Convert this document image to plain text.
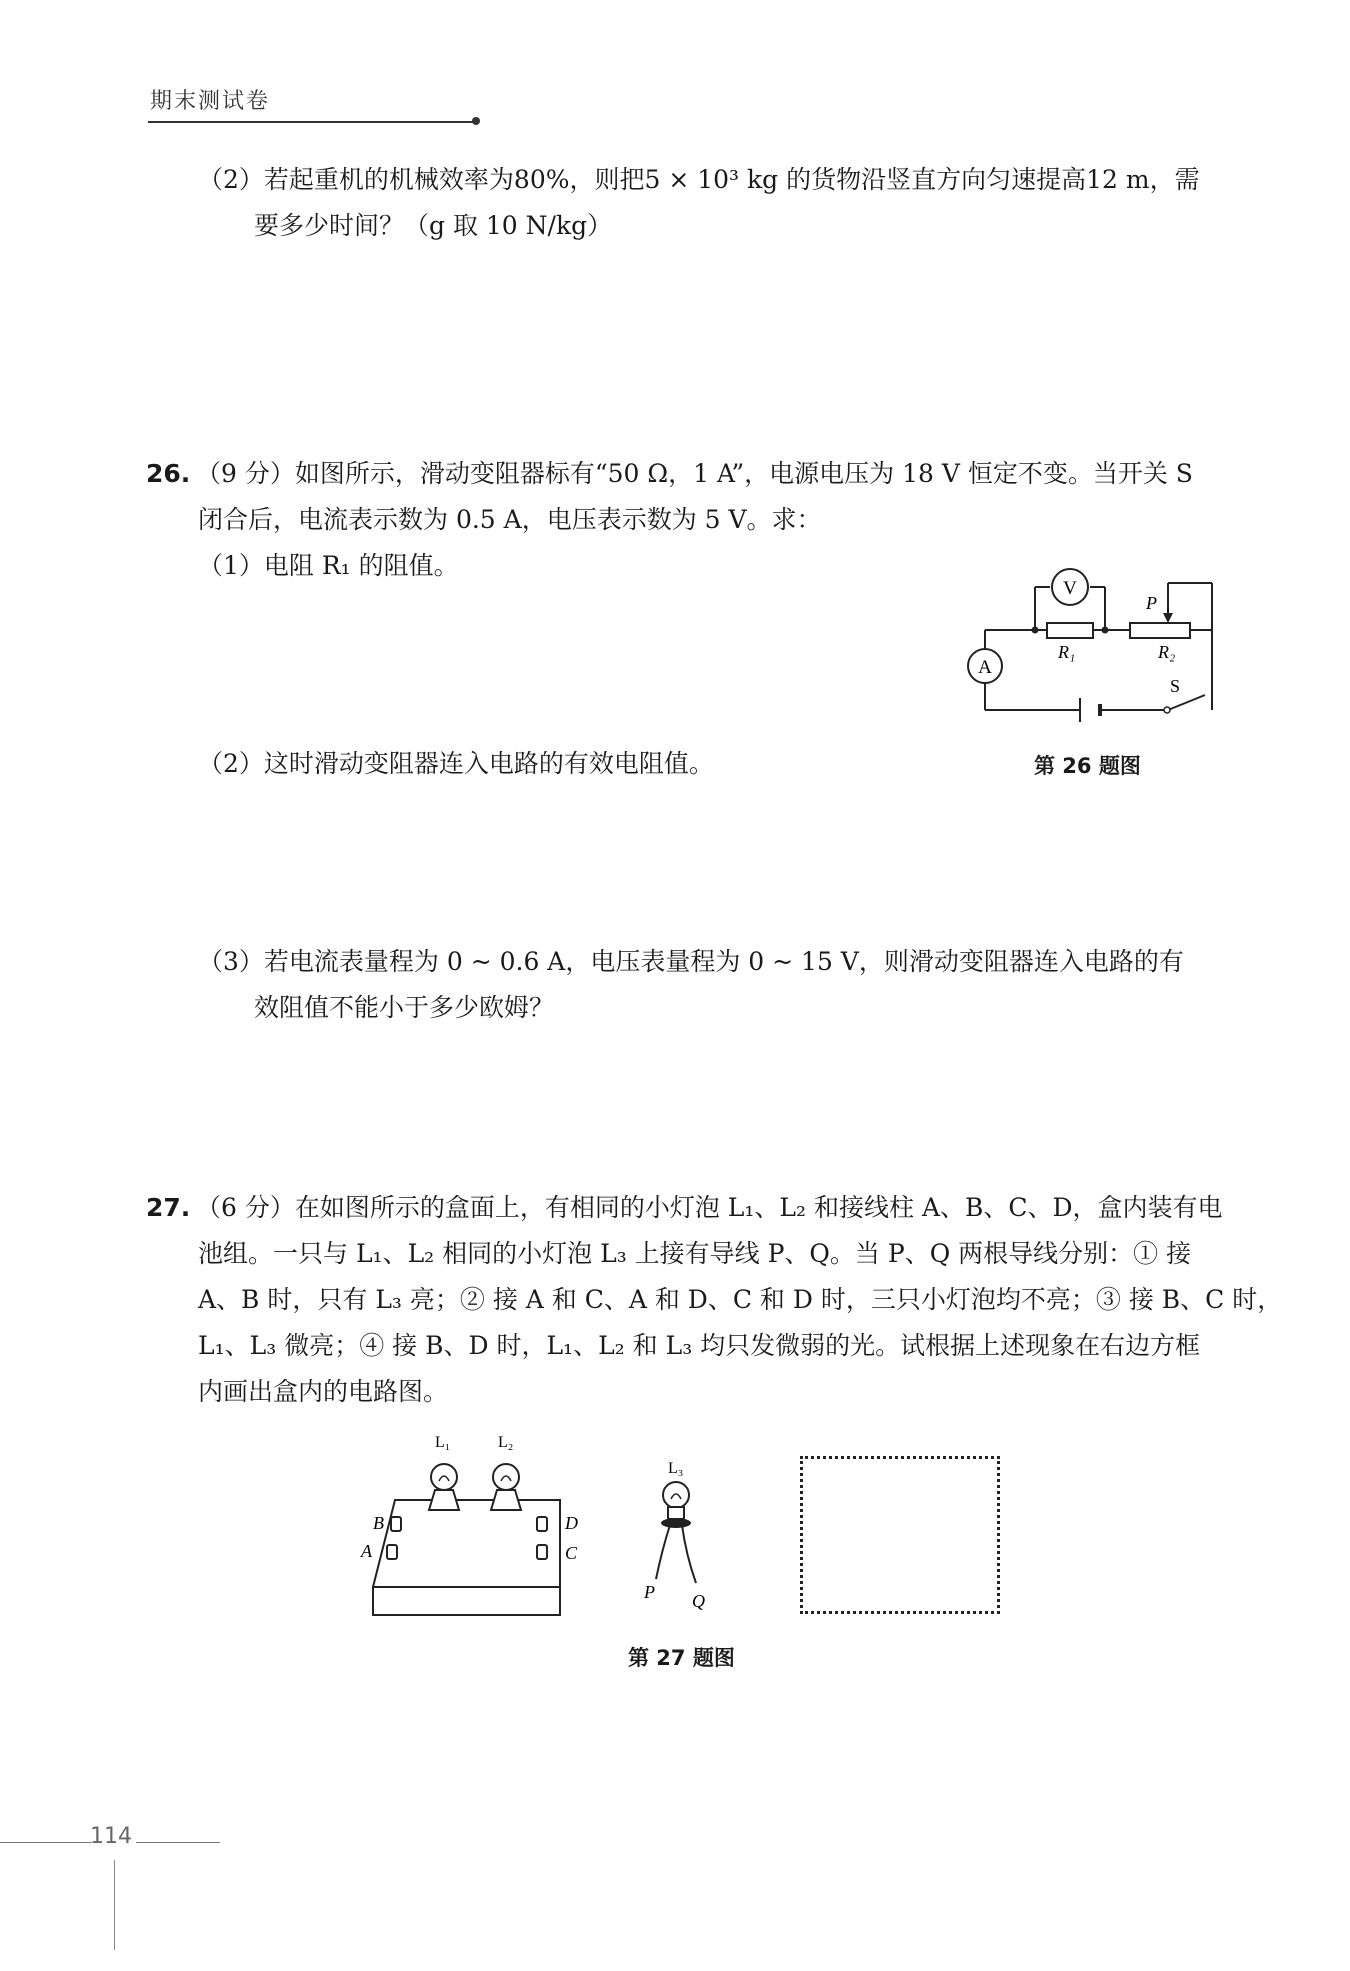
期末测试卷
（2）若起重机的机械效率为80%，则把5 × 10³ kg 的货物沿竖直方向匀速提高12 m，需
要多少时间？（g 取 10 N/kg）
26. （9 分）如图所示，滑动变阻器标有“50 Ω，1 A”，电源电压为 18 V 恒定不变。当开关 S
闭合后，电流表示数为 0.5 A，电压表示数为 5 V。求：
（1）电阻 R₁ 的阻值。
（2）这时滑动变阻器连入电路的有效电阻值。
（3）若电流表量程为 0 ~ 0.6 A，电压表量程为 0 ~ 15 V，则滑动变阻器连入电路的有
效阻值不能小于多少欧姆？
V
A
R₁	R₂
P
S
第 26 题图
27. （6 分）在如图所示的盒面上，有相同的小灯泡 L₁、L₂ 和接线柱 A、B、C、D，盒内装有电
池组。一只与 L₁、L₂ 相同的小灯泡 L₃ 上接有导线 P、Q。当 P、Q 两根导线分别：① 接
A、B 时，只有 L₃ 亮；② 接 A 和 C、A 和 D、C 和 D 时，三只小灯泡均不亮；③ 接 B、C 时，
L₁、L₃ 微亮；④ 接 B、D 时，L₁、L₂ 和 L₃ 均只发微弱的光。试根据上述现象在右边方框
内画出盒内的电路图。
L₁	L₂
B
A
D
C
L₃
P Q
第 27 题图
114
